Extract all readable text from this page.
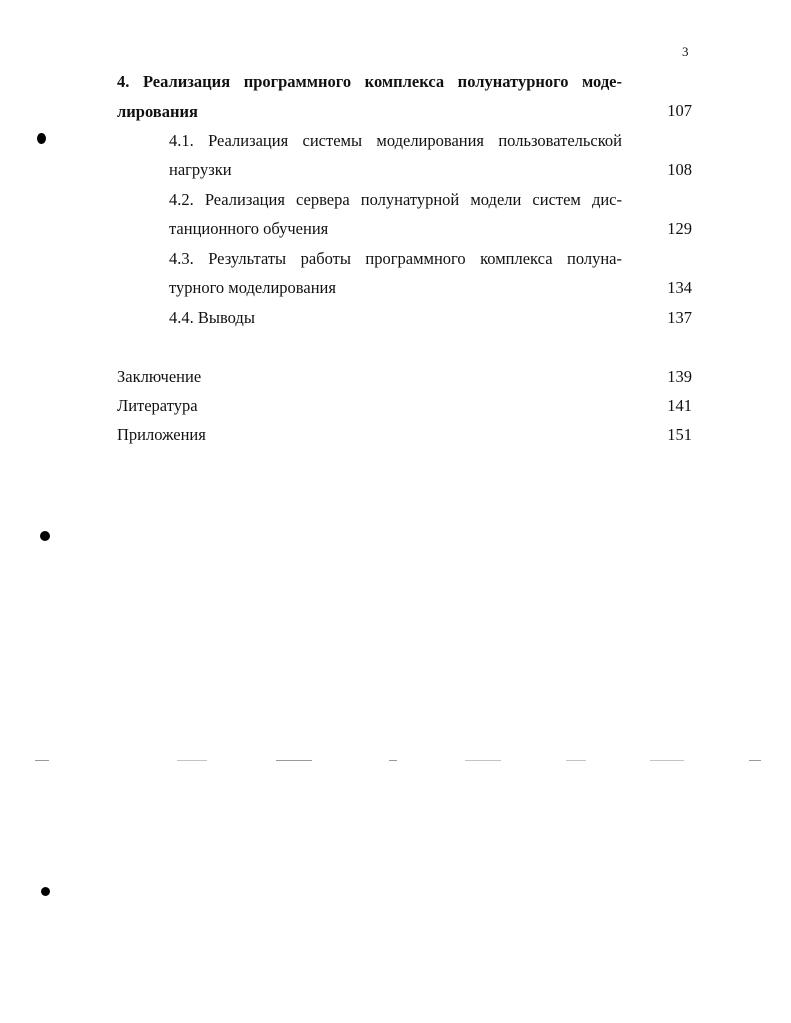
3
4. Реализация программного комплекса полунатурного моде-
лирования	107
4.1. Реализация системы моделирования пользовательской
нагрузки	108
4.2. Реализация сервера полунатурной модели систем дис-
танционного обучения	129
4.3. Результаты работы программного комплекса полуна-
турного моделирования	134
4.4. Выводы	137
Заключение	139
Литература	141
Приложения	151
